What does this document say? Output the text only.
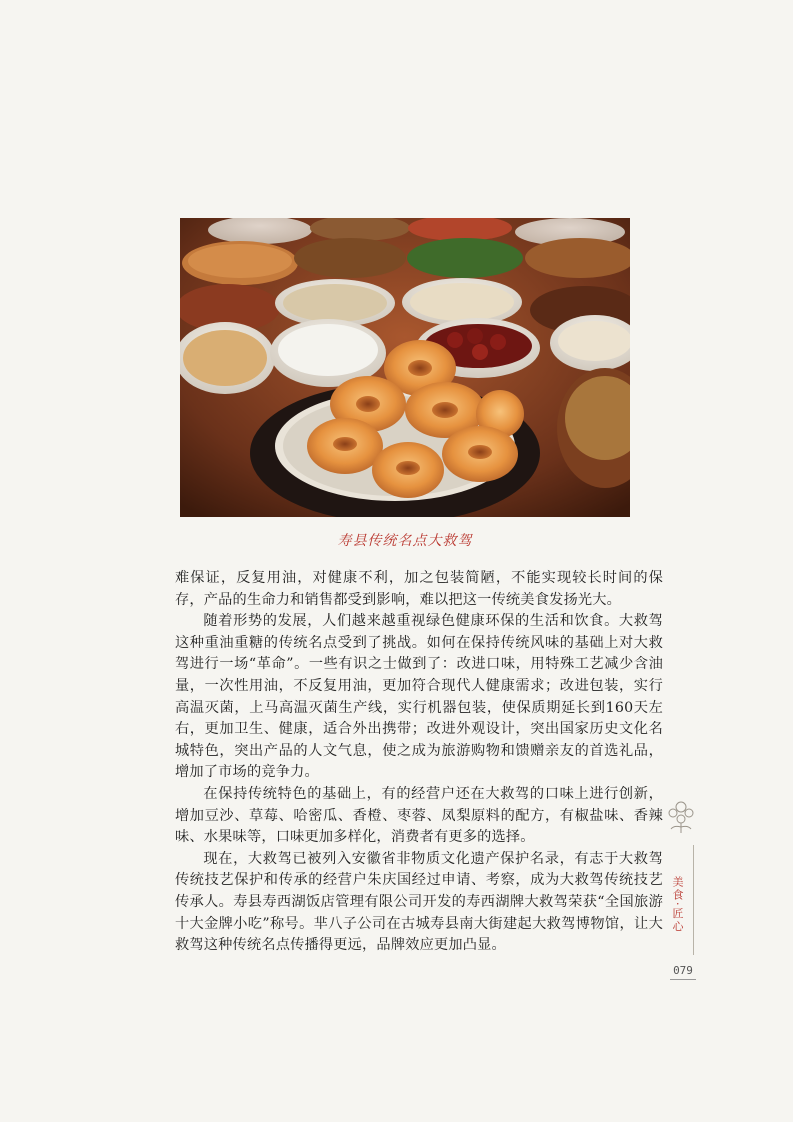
寿县传统名点大救驾

难保证，反复用油，对健康不利，加之包装简陋，不能实现较长时间的保存，产品的生命力和销售都受到影响，难以把这一传统美食发扬光大。

随着形势的发展，人们越来越重视绿色健康环保的生活和饮食。大救驾这种重油重糖的传统名点受到了挑战。如何在保持传统风味的基础上对大救驾进行一场“革命”。一些有识之士做到了：改进口味，用特殊工艺减少含油量，一次性用油，不反复用油，更加符合现代人健康需求；改进包装，实行高温灭菌，上马高温灭菌生产线，实行机器包装，使保质期延长到160天左右，更加卫生、健康，适合外出携带；改进外观设计，突出国家历史文化名城特色，突出产品的人文气息，使之成为旅游购物和馈赠亲友的首选礼品，增加了市场的竞争力。

在保持传统特色的基础上，有的经营户还在大救驾的口味上进行创新，增加豆沙、草莓、哈密瓜、香橙、枣蓉、凤梨原料的配方，有椒盐味、香辣味、水果味等，口味更加多样化，消费者有更多的选择。

现在，大救驾已被列入安徽省非物质文化遗产保护名录，有志于大救驾传统技艺保护和传承的经营户朱庆国经过申请、考察，成为大救驾传统技艺传承人。寿县寿西湖饭店管理有限公司开发的寿西湖牌大救驾荣获“全国旅游十大金牌小吃”称号。芈八子公司在古城寿县南大街建起大救驾博物馆，让大救驾这种传统名点传播得更远，品牌效应更加凸显。

美食·匠心
079
